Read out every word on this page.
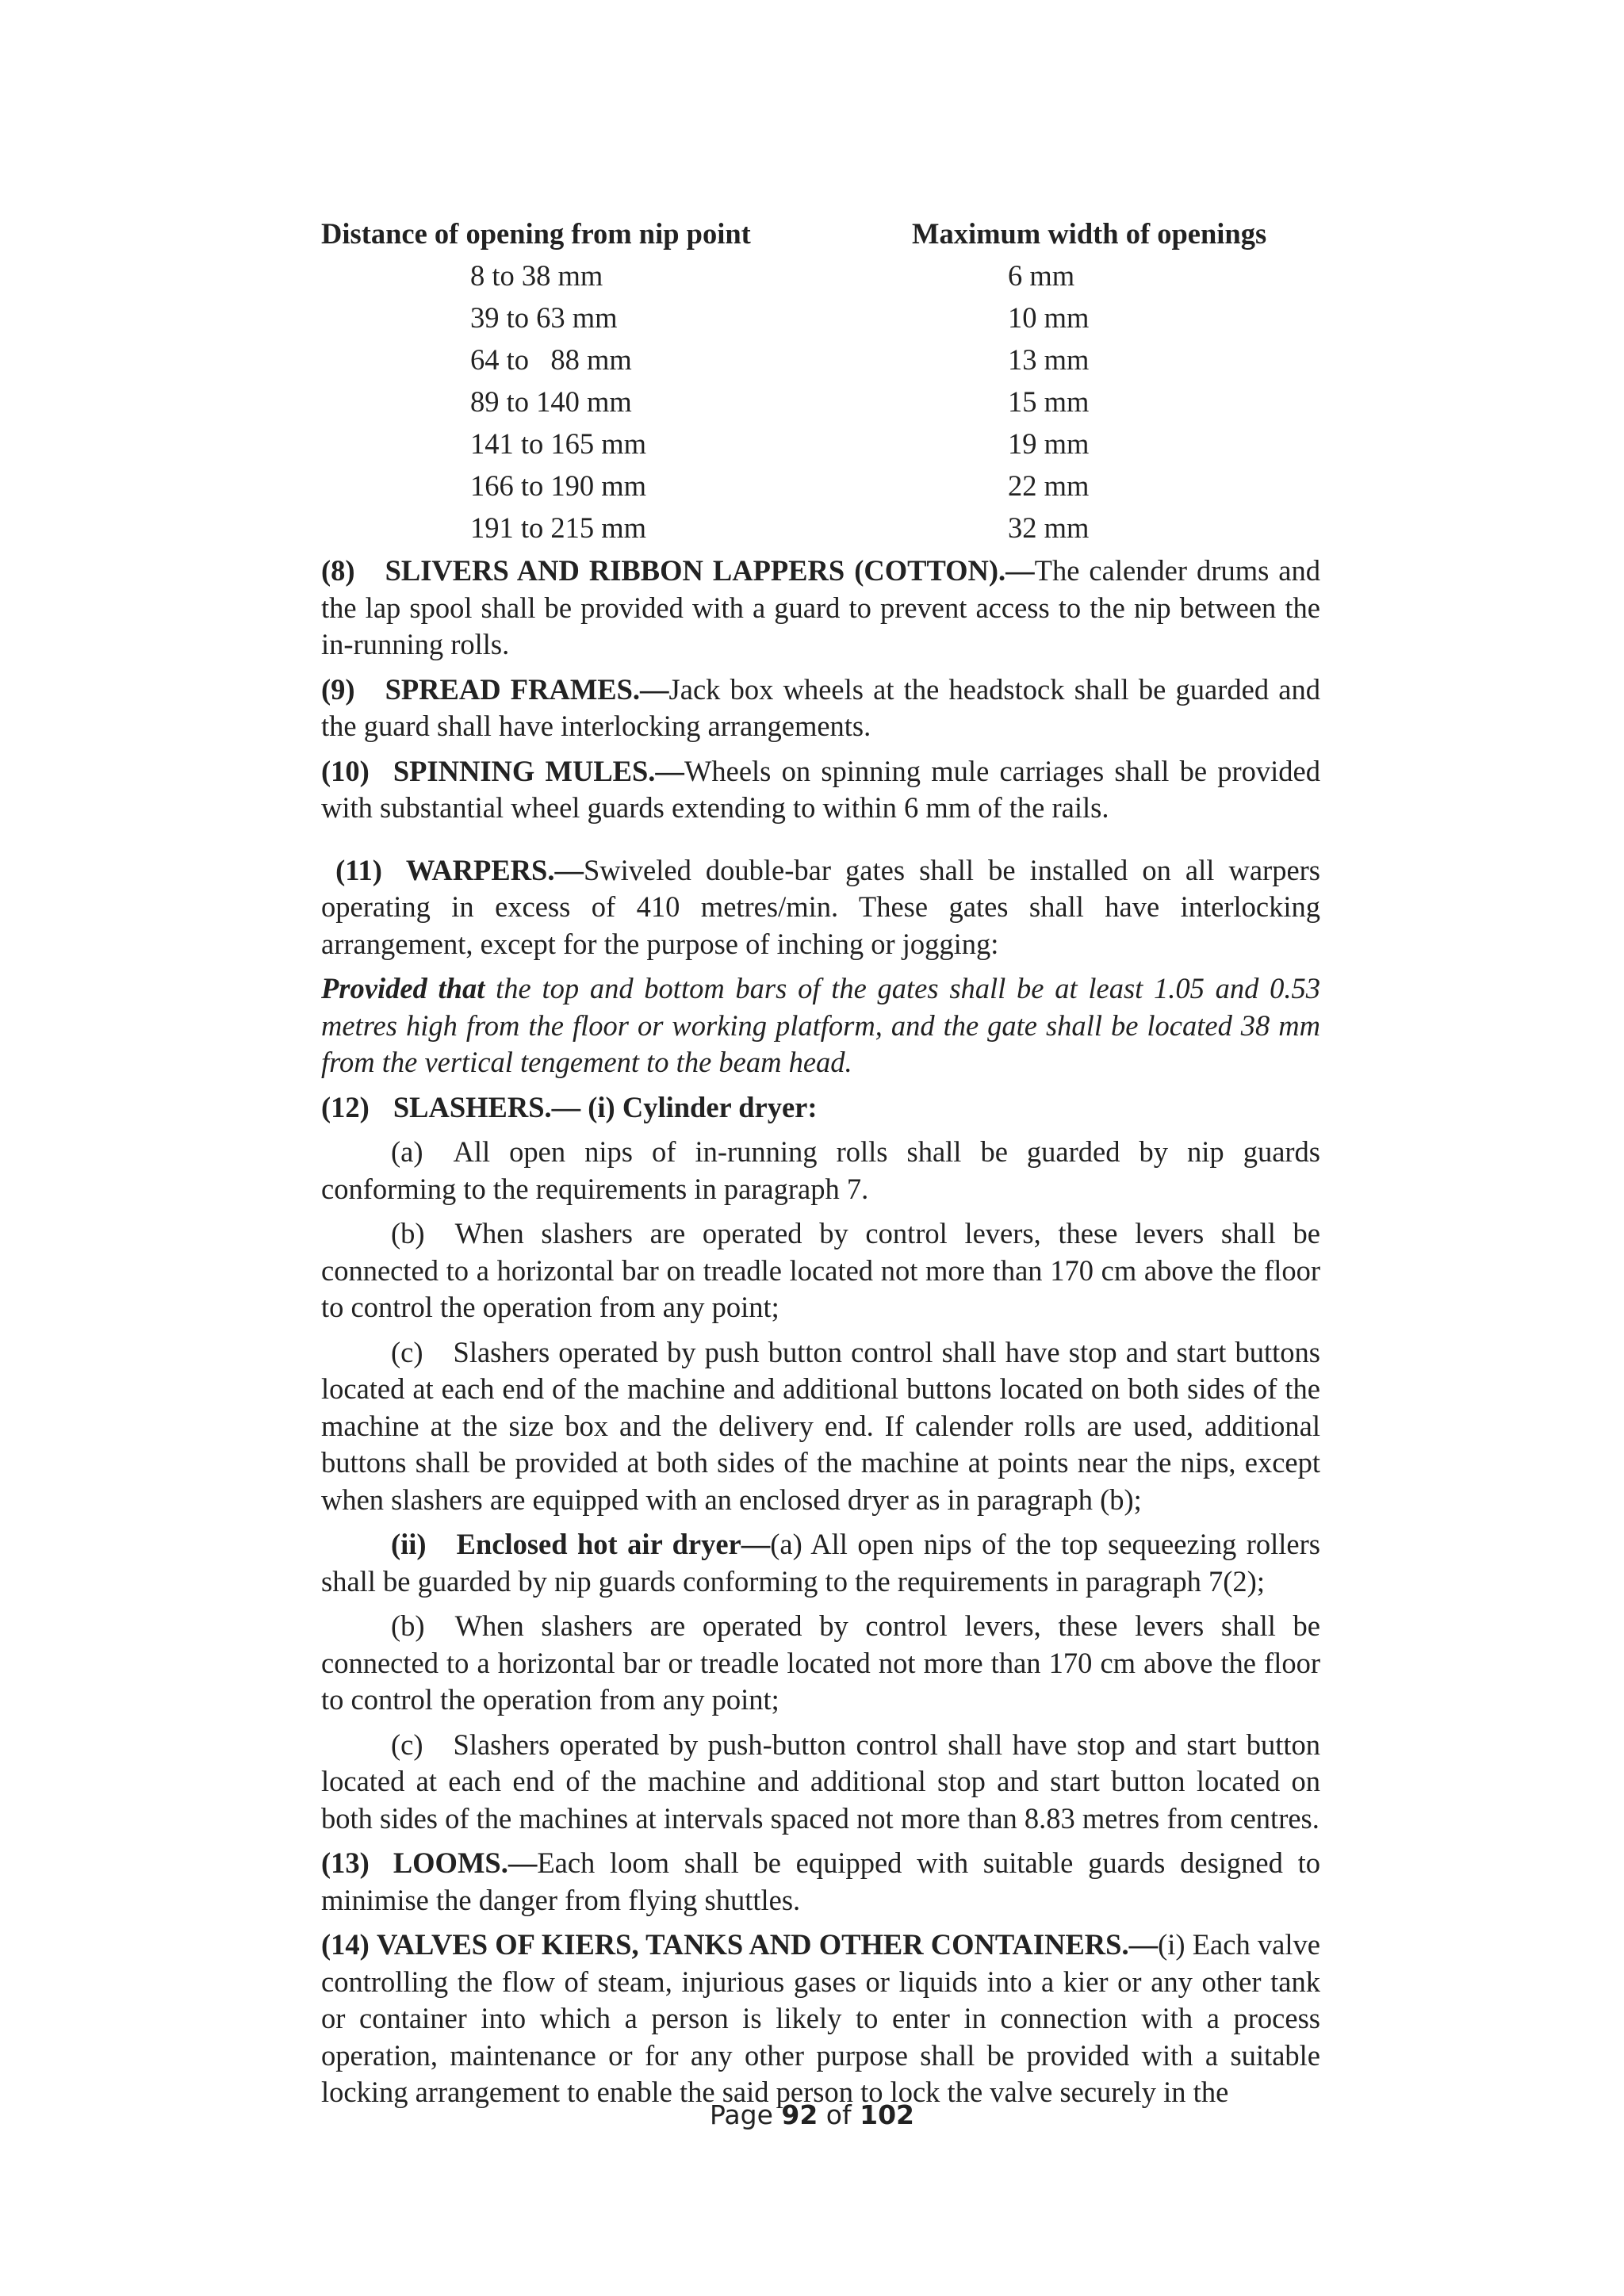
Distance of opening from nip point	Maximum width of openings
8 to 38 mm	6 mm
39 to 63 mm	10 mm
64 to   88 mm	13 mm
89 to 140 mm	15 mm
141 to 165 mm	19 mm
166 to 190 mm	22 mm
191 to 215 mm	32 mm

(8) SLIVERS AND RIBBON LAPPERS (COTTON).—The calender drums and the lap spool shall be provided with a guard to prevent access to the nip between the in-running rolls.

(9) SPREAD FRAMES.—Jack box wheels at the headstock shall be guarded and the guard shall have interlocking arrangements.

(10) SPINNING MULES.—Wheels on spinning mule carriages shall be provided with substantial wheel guards extending to within 6 mm of the rails.

(11) WARPERS.—Swiveled double-bar gates shall be installed on all warpers operating in excess of 410 metres/min. These gates shall have interlocking arrangement, except for the purpose of inching or jogging:

Provided that the top and bottom bars of the gates shall be at least 1.05 and 0.53 metres high from the floor or working platform, and the gate shall be located 38 mm from the vertical tengement to the beam head.

(12) SLASHERS.— (i) Cylinder dryer:

(a) All open nips of in-running rolls shall be guarded by nip guards conforming to the requirements in paragraph 7.

(b) When slashers are operated by control levers, these levers shall be connected to a horizontal bar on treadle located not more than 170 cm above the floor to control the operation from any point;

(c) Slashers operated by push button control shall have stop and start buttons located at each end of the machine and additional buttons located on both sides of the machine at the size box and the delivery end. If calender rolls are used, additional buttons shall be provided at both sides of the machine at points near the nips, except when slashers are equipped with an enclosed dryer as in paragraph (b);

(ii) Enclosed hot air dryer—(a) All open nips of the top sequeezing rollers shall be guarded by nip guards conforming to the requirements in paragraph 7(2);

(b) When slashers are operated by control levers, these levers shall be connected to a horizontal bar or treadle located not more than 170 cm above the floor to control the operation from any point;

(c) Slashers operated by push-button control shall have stop and start button located at each end of the machine and additional stop and start button located on both sides of the machines at intervals spaced not more than 8.83 metres from centres.

(13) LOOMS.—Each loom shall be equipped with suitable guards designed to minimise the danger from flying shuttles.

(14) VALVES OF KIERS, TANKS AND OTHER CONTAINERS.—(i) Each valve controlling the flow of steam, injurious gases or liquids into a kier or any other tank or container into which a person is likely to enter in connection with a process operation, maintenance or for any other purpose shall be provided with a suitable locking arrangement to enable the said person to lock the valve securely in the

Page 92 of 102
